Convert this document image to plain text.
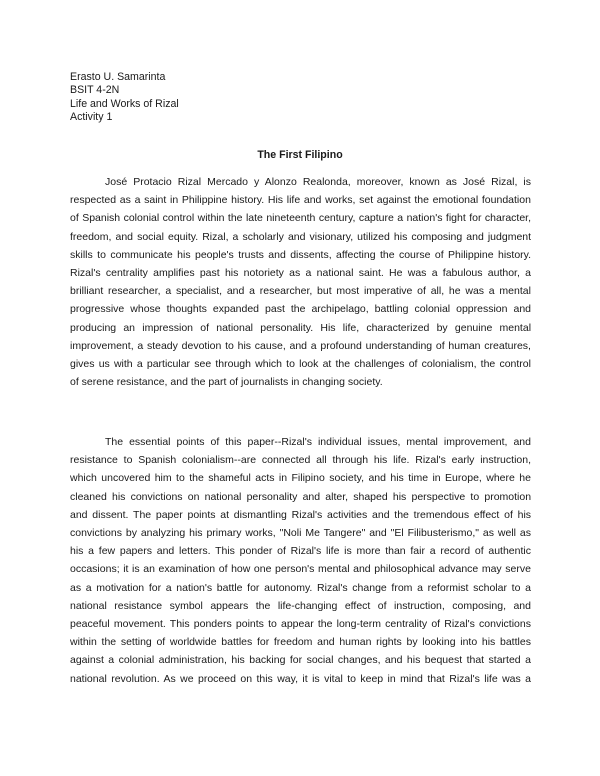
Erasto U. Samarinta
BSIT 4-2N
Life and Works of Rizal
Activity 1
The First Filipino
José Protacio Rizal Mercado y Alonzo Realonda, moreover, known as José Rizal, is
respected as a saint in Philippine history. His life and works, set against the emotional foundation
of Spanish colonial control within the late nineteenth century, capture a nation's fight for character,
freedom, and social equity. Rizal, a scholarly and visionary, utilized his composing and judgment
skills to communicate his people's trusts and dissents, affecting the course of Philippine history.
Rizal's centrality amplifies past his notoriety as a national saint. He was a fabulous author, a
brilliant researcher, a specialist, and a researcher, but most imperative of all, he was a mental
progressive whose thoughts expanded past the archipelago, battling colonial oppression and
producing an impression of national personality. His life, characterized by genuine mental
improvement, a steady devotion to his cause, and a profound understanding of human creatures,
gives us with a particular see through which to look at the challenges of colonialism, the control
of serene resistance, and the part of journalists in changing society.
The essential points of this paper--Rizal's individual issues, mental improvement, and
resistance to Spanish colonialism--are connected all through his life. Rizal's early instruction,
which uncovered him to the shameful acts in Filipino society, and his time in Europe, where he
cleaned his convictions on national personality and alter, shaped his perspective to promotion
and dissent. The paper points at dismantling Rizal's activities and the tremendous effect of his
convictions by analyzing his primary works, "Noli Me Tangere" and "El Filibusterismo," as well as
his a few papers and letters. This ponder of Rizal's life is more than fair a record of authentic
occasions; it is an examination of how one person's mental and philosophical advance may serve
as a motivation for a nation's battle for autonomy. Rizal's change from a reformist scholar to a
national resistance symbol appears the life-changing effect of instruction, composing, and
peaceful movement. This ponders points to appear the long-term centrality of Rizal's convictions
within the setting of worldwide battles for freedom and human rights by looking into his battles
against a colonial administration, his backing for social changes, and his bequest that started a
national revolution. As we proceed on this way, it is vital to keep in mind that Rizal's life was a
